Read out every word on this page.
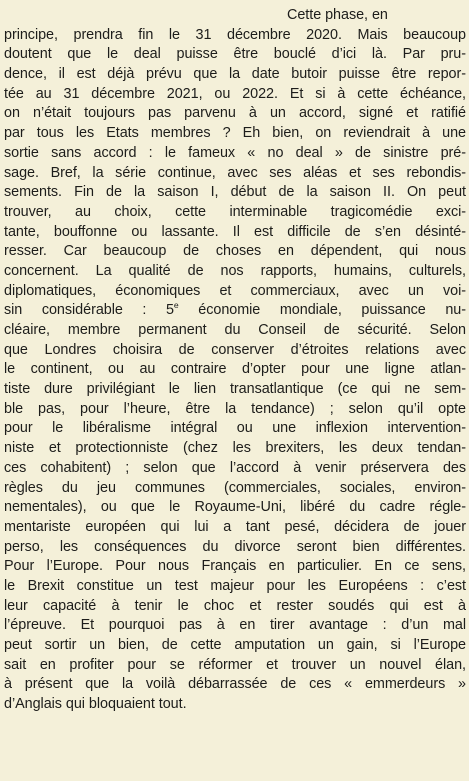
Cette phase, en
principe, prendra fin le 31 décembre 2020. Mais beaucoup
doutent que le deal puisse être bouclé d’ici là. Par pru-
dence, il est déjà prévu que la date butoir puisse être repor-
tée au 31 décembre 2021, ou 2022. Et si à cette échéance,
on n’était toujours pas parvenu à un accord, signé et ratifié
par tous les Etats membres ? Eh bien, on reviendrait à une
sortie sans accord : le fameux « no deal » de sinistre pré-
sage. Bref, la série continue, avec ses aléas et ses rebondis-
sements. Fin de la saison I, début de la saison II. On peut
trouver, au choix, cette interminable tragicomédie exci-
tante, bouffonne ou lassante. Il est difficile de s’en désinté-
resser. Car beaucoup de choses en dépendent, qui nous
concernent. La qualité de nos rapports, humains, culturels,
diplomatiques, économiques et commerciaux, avec un voi-
sin considérable : 5e économie mondiale, puissance nu-
cléaire, membre permanent du Conseil de sécurité. Selon
que Londres choisira de conserver d’étroites relations avec
le continent, ou au contraire d’opter pour une ligne atlan-
tiste dure privilégiant le lien transatlantique (ce qui ne sem-
ble pas, pour l’heure, être la tendance) ; selon qu’il opte
pour le libéralisme intégral ou une inflexion intervention-
niste et protectionniste (chez les brexiters, les deux tendan-
ces cohabitent) ; selon que l’accord à venir préservera des
règles du jeu communes (commerciales, sociales, environ-
nementales), ou que le Royaume-Uni, libéré du cadre régle-
mentariste européen qui lui a tant pesé, décidera de jouer
perso, les conséquences du divorce seront bien différentes.
Pour l’Europe. Pour nous Français en particulier. En ce sens,
le Brexit constitue un test majeur pour les Européens : c’est
leur capacité à tenir le choc et rester soudés qui est à
l’épreuve. Et pourquoi pas à en tirer avantage : d’un mal
peut sortir un bien, de cette amputation un gain, si l’Europe
sait en profiter pour se réformer et trouver un nouvel élan,
à présent que la voilà débarrassée de ces « emmerdeurs »
d’Anglais qui bloquaient tout.
